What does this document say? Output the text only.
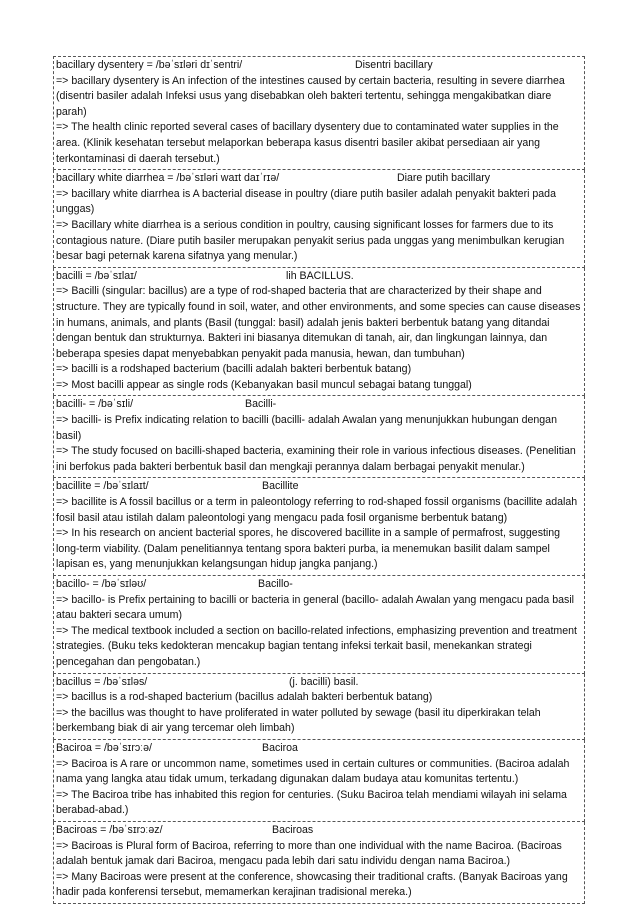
bacillary dysentery = /bəˈsɪləri dɪˈsentri/	Disentri bacillary
=> bacillary dysentery is An infection of the intestines caused by certain bacteria, resulting in severe diarrhea (disentri basiler adalah Infeksi usus yang disebabkan oleh bakteri tertentu, sehingga mengakibatkan diare parah)
=> The health clinic reported several cases of bacillary dysentery due to contaminated water supplies in the area. (Klinik kesehatan tersebut melaporkan beberapa kasus disentri basiler akibat persediaan air yang terkontaminasi di daerah tersebut.)
bacillary white diarrhea = /bəˈsɪləri waɪt daɪˈrɪə/	Diare putih bacillary
=> bacillary white diarrhea is A bacterial disease in poultry (diare putih basiler adalah penyakit bakteri pada unggas)
=> Bacillary white diarrhea is a serious condition in poultry, causing significant losses for farmers due to its contagious nature. (Diare putih basiler merupakan penyakit serius pada unggas yang menimbulkan kerugian besar bagi peternak karena sifatnya yang menular.)
bacilli = /bəˈsɪlaɪ/	lih BACILLUS.
=> Bacilli (singular: bacillus) are a type of rod-shaped bacteria that are characterized by their shape and structure. They are typically found in soil, water, and other environments, and some species can cause diseases in humans, animals, and plants (Basil (tunggal: basil) adalah jenis bakteri berbentuk batang yang ditandai dengan bentuk dan strukturnya. Bakteri ini biasanya ditemukan di tanah, air, dan lingkungan lainnya, dan beberapa spesies dapat menyebabkan penyakit pada manusia, hewan, dan tumbuhan)
=> bacilli is a rodshaped bacterium (bacilli adalah bakteri berbentuk batang)
=> Most bacilli appear as single rods (Kebanyakan basil muncul sebagai batang tunggal)
bacilli- = /bəˈsɪli/	Bacilli-
=> bacilli- is Prefix indicating relation to bacilli (bacilli- adalah Awalan yang menunjukkan hubungan dengan basil)
=> The study focused on bacilli-shaped bacteria, examining their role in various infectious diseases. (Penelitian ini berfokus pada bakteri berbentuk basil dan mengkaji perannya dalam berbagai penyakit menular.)
bacillite = /bəˈsɪlaɪt/	Bacillite
=> bacillite is A fossil bacillus or a term in paleontology referring to rod-shaped fossil organisms (bacillite adalah fosil basil atau istilah dalam paleontologi yang mengacu pada fosil organisme berbentuk batang)
=> In his research on ancient bacterial spores, he discovered bacillite in a sample of permafrost, suggesting long-term viability. (Dalam penelitiannya tentang spora bakteri purba, ia menemukan basilit dalam sampel lapisan es, yang menunjukkan kelangsungan hidup jangka panjang.)
bacillo- = /bəˈsɪləʊ/	Bacillo-
=> bacillo- is Prefix pertaining to bacilli or bacteria in general (bacillo- adalah Awalan yang mengacu pada basil atau bakteri secara umum)
=> The medical textbook included a section on bacillo-related infections, emphasizing prevention and treatment strategies. (Buku teks kedokteran mencakup bagian tentang infeksi terkait basil, menekankan strategi pencegahan dan pengobatan.)
bacillus = /bəˈsɪləs/	(j. bacilli) basil.
=> bacillus is a rod-shaped bacterium (bacillus adalah bakteri berbentuk batang)
=> the bacillus was thought to have proliferated in water polluted by sewage (basil itu diperkirakan telah berkembang biak di air yang tercemar oleh limbah)
Baciroa = /bəˈsɪrɔːə/	Baciroa
=> Baciroa is A rare or uncommon name, sometimes used in certain cultures or communities. (Baciroa adalah nama yang langka atau tidak umum, terkadang digunakan dalam budaya atau komunitas tertentu.)
=> The Baciroa tribe has inhabited this region for centuries. (Suku Baciroa telah mendiami wilayah ini selama berabad-abad.)
Baciroas = /bəˈsɪrɔːəz/	Baciroas
=> Baciroas is Plural form of Baciroa, referring to more than one individual with the name Baciroa. (Baciroas adalah bentuk jamak dari Baciroa, mengacu pada lebih dari satu individu dengan nama Baciroa.)
=> Many Baciroas were present at the conference, showcasing their traditional crafts. (Banyak Baciroas yang hadir pada konferensi tersebut, memamerkan kerajinan tradisional mereka.)
